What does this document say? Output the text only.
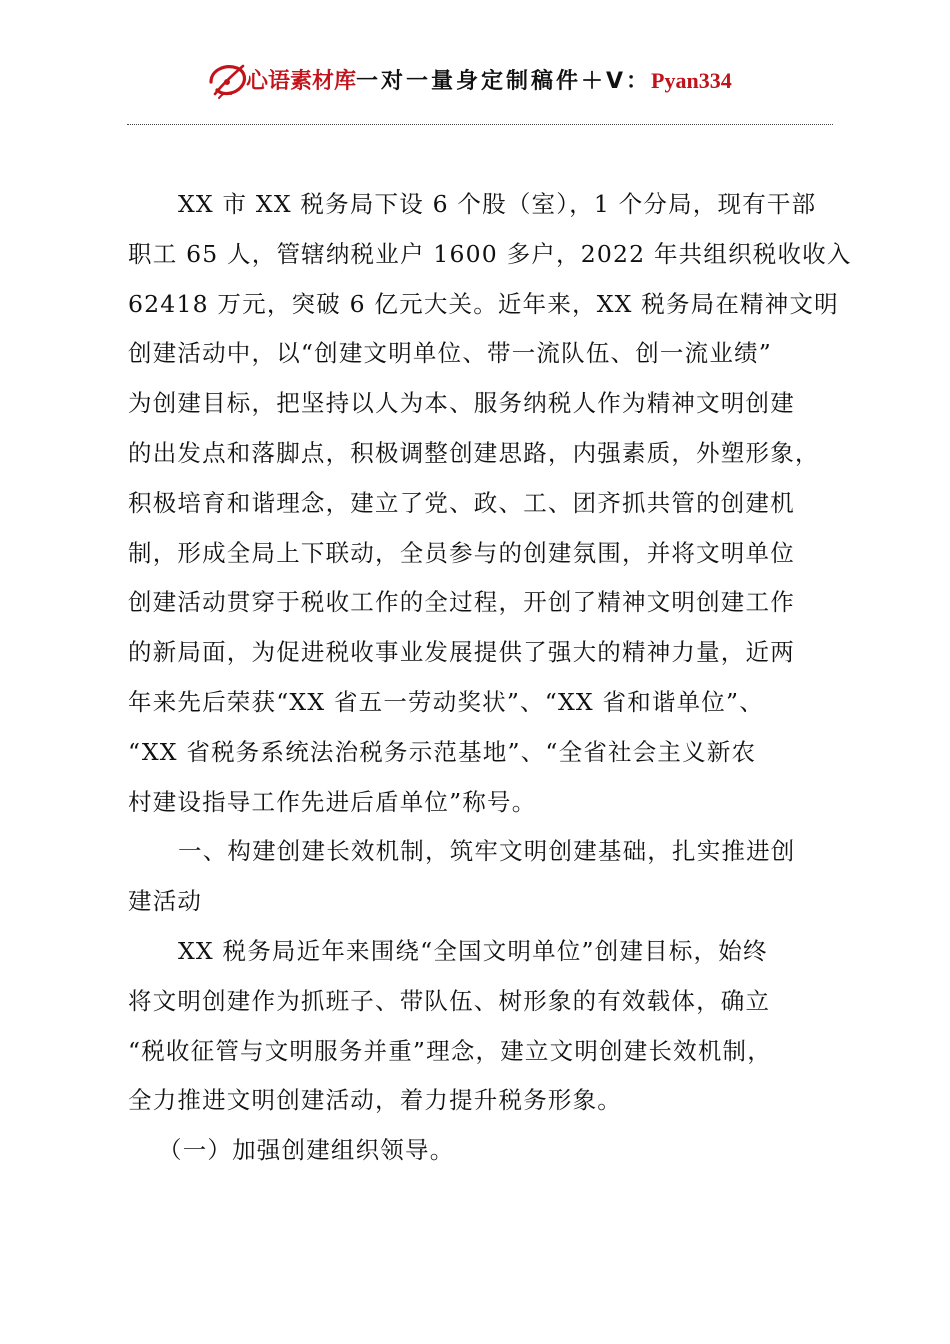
心语素材库一对一量身定制稿件＋V：Pyan334
XX 市 XX 税务局下设 6 个股（室），1 个分局，现有干部
职工 65 人，管辖纳税业户 1600 多户，2022 年共组织税收收入
62418 万元，突破 6 亿元大关。近年来，XX 税务局在精神文明
创建活动中，以“创建文明单位、带一流队伍、创一流业绩”
为创建目标，把坚持以人为本、服务纳税人作为精神文明创建
的出发点和落脚点，积极调整创建思路，内强素质，外塑形象，
积极培育和谐理念，建立了党、政、工、团齐抓共管的创建机
制，形成全局上下联动，全员参与的创建氛围，并将文明单位
创建活动贯穿于税收工作的全过程，开创了精神文明创建工作
的新局面，为促进税收事业发展提供了强大的精神力量，近两
年来先后荣获“XX 省五一劳动奖状”、“XX 省和谐单位”、
“XX 省税务系统法治税务示范基地”、“全省社会主义新农
村建设指导工作先进后盾单位”称号。
一、构建创建长效机制，筑牢文明创建基础，扎实推进创
建活动
XX 税务局近年来围绕“全国文明单位”创建目标，始终
将文明创建作为抓班子、带队伍、树形象的有效载体，确立
“税收征管与文明服务并重”理念，建立文明创建长效机制，
全力推进文明创建活动，着力提升税务形象。
（一）加强创建组织领导。
